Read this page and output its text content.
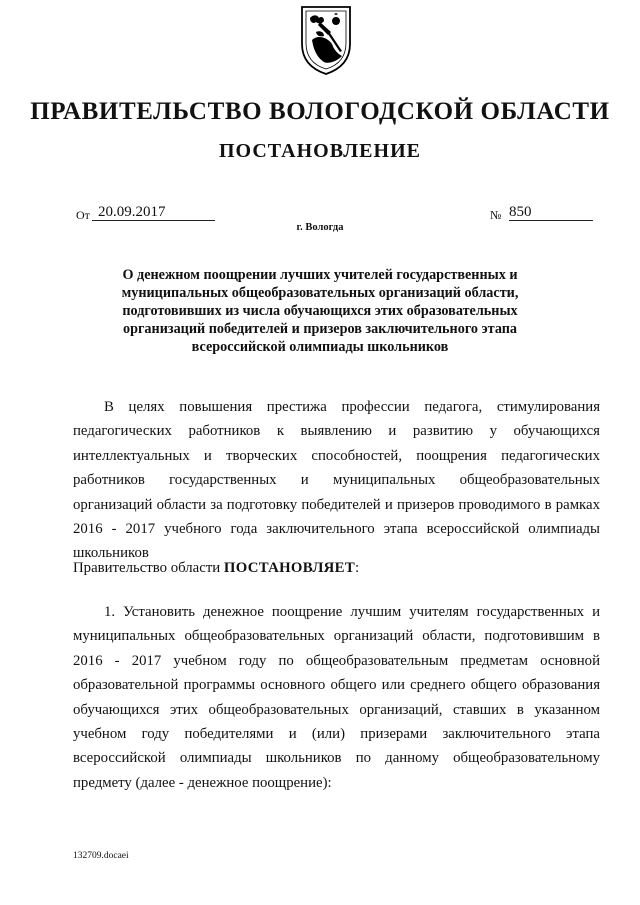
ПРАВИТЕЛЬСТВО ВОЛОГОДСКОЙ ОБЛАСТИ
ПОСТАНОВЛЕНИЕ
От 20.09.2017	№ 850
г. Вологда
О денежном поощрении лучших учителей государственных и муниципальных общеобразовательных организаций области, подготовивших из числа обучающихся этих образовательных организаций победителей и призеров заключительного этапа всероссийской олимпиады школьников
В целях повышения престижа профессии педагога, стимулирования педагогических работников к выявлению и развитию у обучающихся интеллектуальных и творческих способностей, поощрения педагогических работников государственных и муниципальных общеобразовательных организаций области за подготовку победителей и призеров проводимого в рамках 2016 - 2017 учебного года заключительного этапа всероссийской олимпиады школьников
Правительство области ПОСТАНОВЛЯЕТ:
1. Установить денежное поощрение лучшим учителям государственных и муниципальных общеобразовательных организаций области, подготовившим в 2016 - 2017 учебном году по общеобразовательным предметам основной образовательной программы основного общего или среднего общего образования обучающихся этих общеобразовательных организаций, ставших в указанном учебном году победителями и (или) призерами заключительного этапа всероссийской олимпиады школьников по данному общеобразовательному предмету (далее - денежное поощрение):
132709.docaei
